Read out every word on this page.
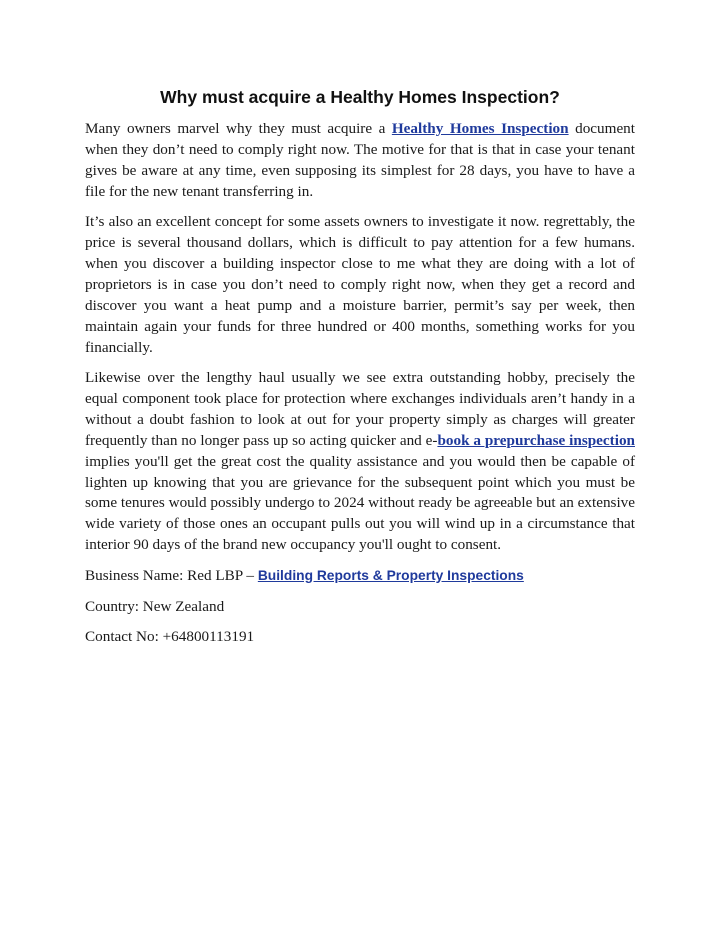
Why must acquire a Healthy Homes Inspection?

Many owners marvel why they must acquire a Healthy Homes Inspection document when they don’t need to comply right now. The motive for that is that in case your tenant gives be aware at any time, even supposing its simplest for 28 days, you have to have a file for the new tenant transferring in.

It’s also an excellent concept for some assets owners to investigate it now. regrettably, the price is several thousand dollars, which is difficult to pay attention for a few humans. when you discover a building inspector close to me what they are doing with a lot of proprietors is in case you don’t need to comply right now, when they get a record and discover you want a heat pump and a moisture barrier, permit’s say per week, then maintain again your funds for three hundred or 400 months, something works for you financially.

Likewise over the lengthy haul usually we see extra outstanding hobby, precisely the equal component took place for protection where exchanges individuals aren’t handy in a without a doubt fashion to look at out for your property simply as charges will greater frequently than no longer pass up so acting quicker and e-book a prepurchase inspection implies you'll get the great cost the quality assistance and you would then be capable of lighten up knowing that you are grievance for the subsequent point which you must be some tenures would possibly undergo to 2024 without ready be agreeable but an extensive wide variety of those ones an occupant pulls out you will wind up in a circumstance that interior 90 days of the brand new occupancy you'll ought to consent.

Business Name: Red LBP – Building Reports & Property Inspections

Country: New Zealand

Contact No: +64800113191
